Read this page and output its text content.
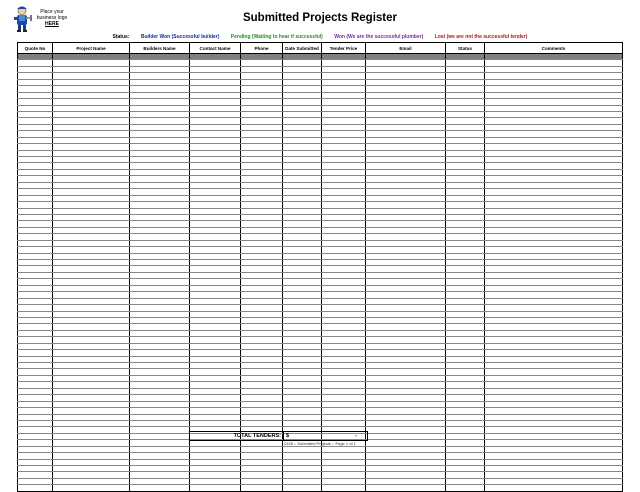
Place your
business logo
HERE	Submitted Projects Register
Status: Builder Won (Successful builder) Pending (Waiting to hear if successful) Won (We are the successful plumber) Lost (we are not the successful tender)
Quote No	Project Name	Builders Name	Contact Name	Phone	Date Submitted	Tender Price	Email	Status	Comments

TOTAL TENDERS: $	-
0155 :: Submitted Projects :: Page 1 of 1
